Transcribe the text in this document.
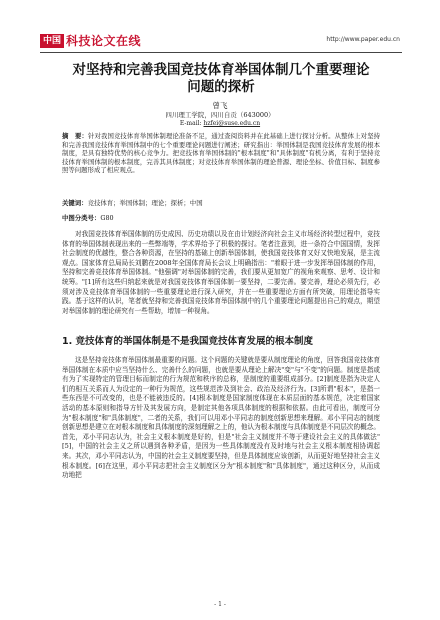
中国 科技论文在线	http://www.paper.edu.cn
对坚持和完善我国竞技体育举国体制几个重要理论
问题的探析
曾飞
四川理工学院，四川自贡（643000）
E-mail: hzfei@suse.edu.cn
摘　要：针对我国竞技体育举国体制理论准备不足，通过查阅资料并在此基础上进行探讨分析。从整体上对坚持和完善我国竞技体育举国体制中的七个重要理论问题进行阐述；研究指出：举国体制是我国竞技体育发展的根本制度，是具有独特优势的核心竞争力。把竞技体育举国体制的"根本制度"和"具体制度"有机分离，有利于坚持竞技体育举国体制的根本制度，完善其具体制度；对竞技体育举国体制的理论普源、理论坐标、价值目标、制度参照等问题形成了相应观点。
关键词：竞技体育；举国体制；理论；探析；中国
中图分类号：G80
对我国竞技体育举国体制的历史成因、历史功绩以及在由计划经济向社会主义市场经济转型过程中，竞技体育的举国体制表现出来的一些弊端等，学术界给予了积极的探讨。笔者注意到，进一条符合中国国情，发挥社会制度的优越性，整合各种资源，在坚持的基础上创新举国体制，使我国竞技体育又好又快地发展，是主流观点。国家体育总局局长刘鹏在2008年全国体育局长会议上明确指出："着眼于进一步发挥举国体制的作用，坚持和完善竞技体育举国体制。"他强调"对举国体制的完善，我们要从更加宽广的视角来观察、思考、设计和统筹。"[1]所有这些归纳起来就是对我国竞技体育举国体制一要坚持，二要完善。要完善，理论必须先行，必须对涉及竞技体育举国体制的一些重要理论进行深入研究，并在一些重要理论方面有所突破，用理论指导实践。基于这样的认识，笔者就坚持和完善我国竞技体育举国体制中的几个重要理论问题提出自己的观点，期望对举国体制的理论研究有一些帮助，增加一种视角。
1. 竞技体育的举国体制是不是我国竞技体育发展的根本制度
这是坚持竞技体育举国体制最重要的问题。这个问题的关键就是要从制度理论的角度，回答我国竞技体育举国体制在本质中应当坚持什么、完善什么的问题，也就是要从理论上解决"变"与"不变"的问题。制度是指或有为了实现特定的管理目标而制定的行为规范和秩序的总称，是制度的重要组成部分。[2]制度是指为决定人们的相互关系而人为设定的一种行为规范，这些规范涉及到社会、政治及经济行为。[3]所谓"根本"，是指一些东西是不可改变的，也是不能被违反的。[4]根本制度是国家制度体现在本质层面的基本规范，决定着国家活动的基本原则和指导方针及其发展方向，是制定其他各项具体制度的根据和依据。由此可看出，制度可分为"根本制度"和"具体制度"，二者的关系，我们可以用邓小平同志的制度创新思想来理解。邓小平同志的制度创新思想是建立在对根本制度和具体制度的深刻理解之上的，他认为根本制度与具体制度是不同层次的概念。首先，邓小平同志认为，社会主义根本制度是好的，但是"社会主义制度并不等于建设社会主义的具体做法"[5]，中国的社会主义之所以遇到各种矛盾，是因为一些具体制度没有及时地与社会主义根本制度相协调起来。其次，邓小平同志认为，中国的社会主义制度要坚持，但是具体制度应该创新，从而更好地坚持社会主义根本制度。[6]在这里，邓小平同志把社会主义制度区分为"根本制度"和"具体制度"，通过这种区分，从而成功地把
- 1 -
